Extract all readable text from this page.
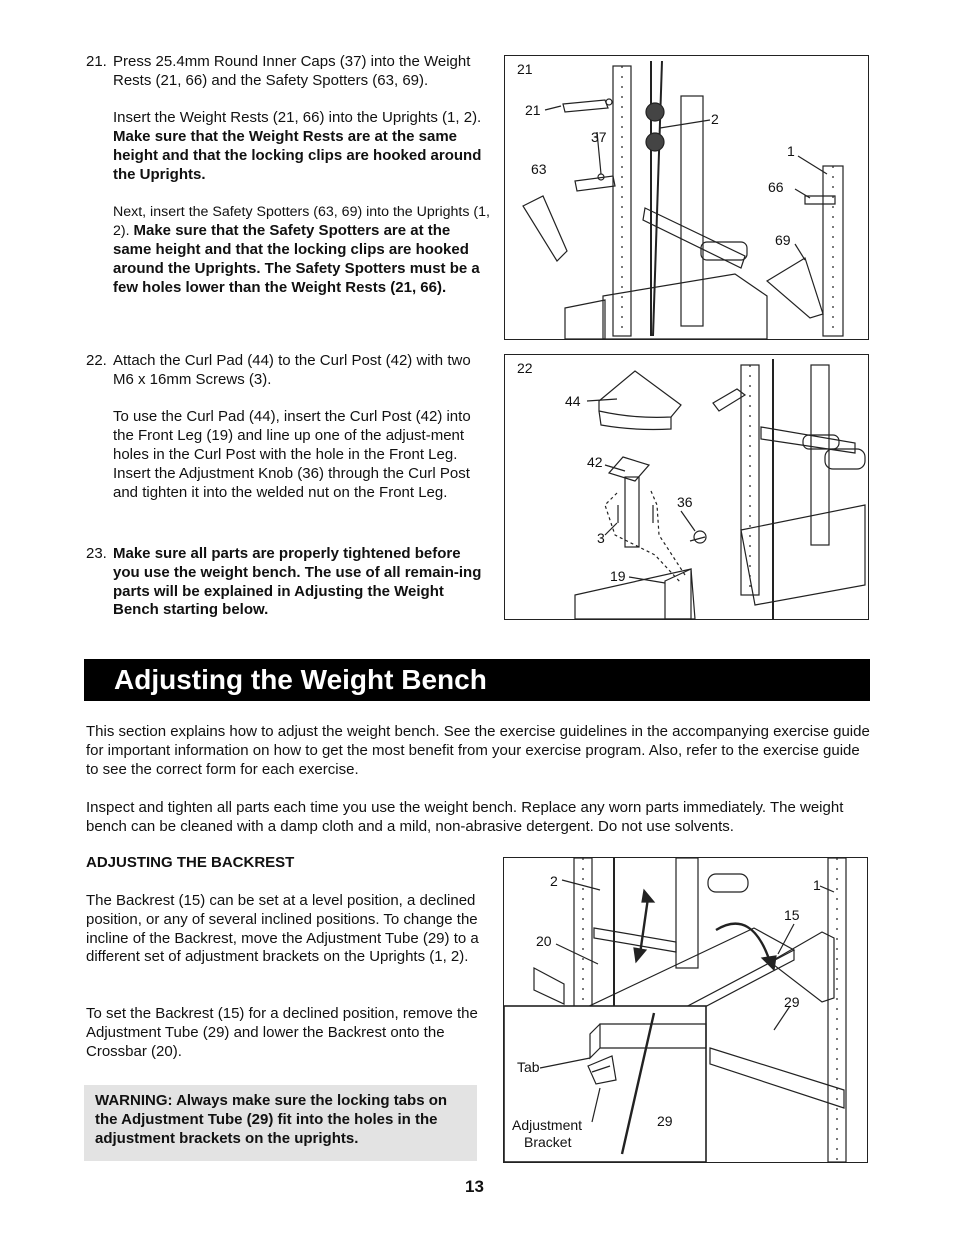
21. Press 25.4mm Round Inner Caps (37) into the Weight Rests (21, 66) and the Safety Spotters (63, 69).

Insert the Weight Rests (21, 66) into the Uprights (1, 2). Make sure that the Weight Rests are at the same height and that the locking clips are hooked around the Uprights.

Next, insert the Safety Spotters (63, 69) into the Uprights (1, 2). Make sure that the Safety Spotters are at the same height and that the locking clips are hooked around the Uprights. The Safety Spotters must be a few holes lower than the Weight Rests (21, 66).

22. Attach the Curl Pad (44) to the Curl Post (42) with two M6 x 16mm Screws (3).

To use the Curl Pad (44), insert the Curl Post (42) into the Front Leg (19) and line up one of the adjust-ment holes in the Curl Post with the hole in the Front Leg. Insert the Adjustment Knob (36) through the Curl Post and tighten it into the welded nut on the Front Leg.

23. Make sure all parts are properly tightened before you use the weight bench. The use of all remain-ing parts will be explained in Adjusting the Weight Bench starting below.

21
21
37
2
63
1
66
69
22
44
42
36
3
19
Adjusting the Weight Bench

This section explains how to adjust the weight bench. See the exercise guidelines in the accompanying exercise guide for important information on how to get the most benefit from your exercise program. Also, refer to the exercise guide to see the correct form for each exercise.

Inspect and tighten all parts each time you use the weight bench. Replace any worn parts immediately. The weight bench can be cleaned with a damp cloth and a mild, non-abrasive detergent. Do not use solvents.

ADJUSTING THE BACKREST

The Backrest (15) can be set at a level position, a declined position, or any of several inclined positions. To change the incline of the Backrest, move the Adjustment Tube (29) to a different set of adjustment brackets on the Uprights (1, 2).

To set the Backrest (15) for a declined position, remove the Adjustment Tube (29) and lower the Backrest onto the Crossbar (20).

WARNING: Always make sure the locking tabs on the Adjustment Tube (29) fit into the holes in the adjustment brackets on the uprights.
Tab
Adjustment
Bracket
29
2	1
15
20
29
13
